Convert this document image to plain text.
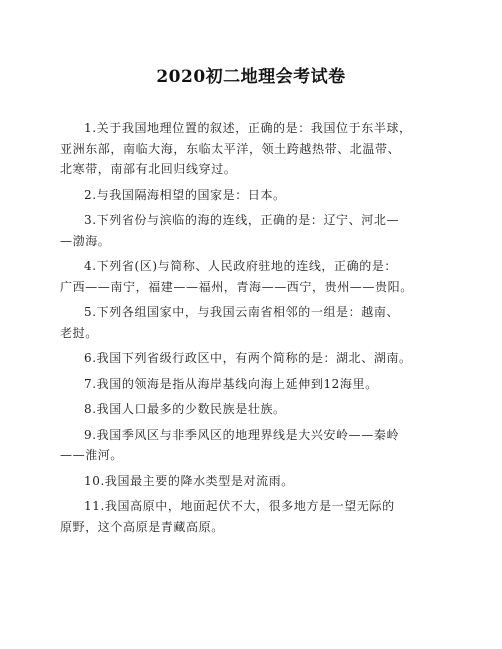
2020初二地理会考试卷
1.关于我国地理位置的叙述，正确的是：我国位于东半球，
亚洲东部，南临大海，东临太平洋，领土跨越热带、北温带、
北寒带，南部有北回归线穿过。
2.与我国隔海相望的国家是：日本。
3.下列省份与滨临的海的连线，正确的是：辽宁、河北—
—渤海。
4.下列省(区)与简称、人民政府驻地的连线，正确的是：
广西——南宁，福建——福州，青海——西宁，贵州——贵阳。
5.下列各组国家中，与我国云南省相邻的一组是：越南、
老挝。
6.我国下列省级行政区中，有两个简称的是：湖北、湖南。
7.我国的领海是指从海岸基线向海上延伸到12海里。
8.我国人口最多的少数民族是壮族。
9.我国季风区与非季风区的地理界线是大兴安岭——秦岭
——淮河。
10.我国最主要的降水类型是对流雨。
11.我国高原中，地面起伏不大，很多地方是一望无际的
原野，这个高原是青藏高原。
